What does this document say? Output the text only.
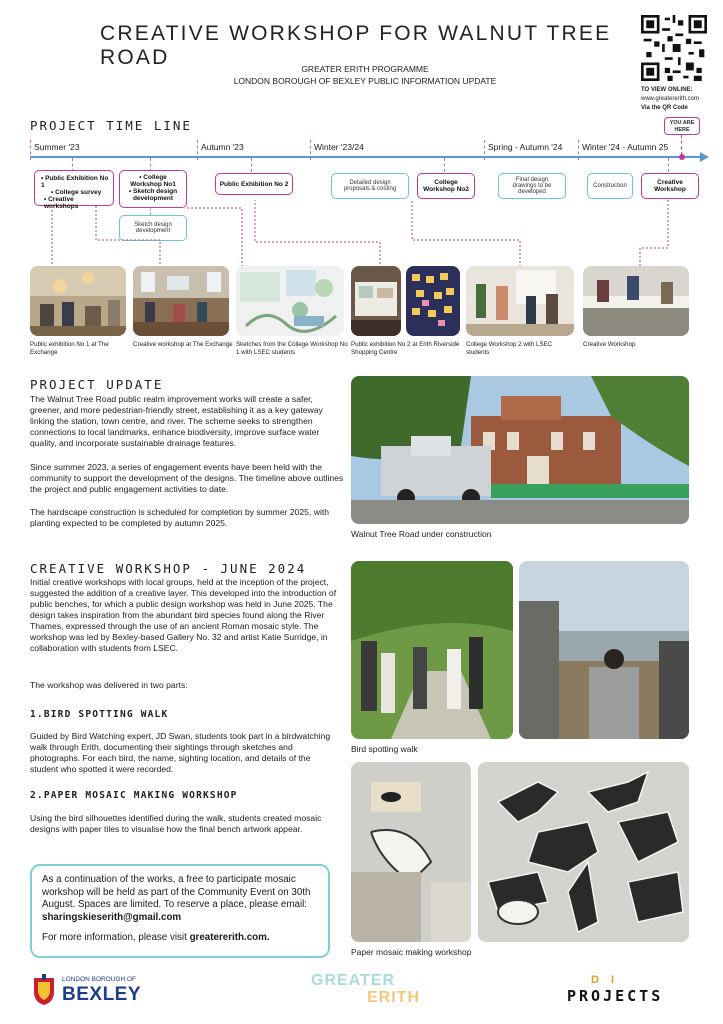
CREATIVE WORKSHOP FOR WALNUT TREE ROAD	GREATER ERITH PROGRAMME
LONDON BOROUGH OF BEXLEY PUBLIC INFORMATION UPDATE
TO VIEW ONLINE:
www.greatererith.com
Via the QR Code
PROJECT TIME LINE
Summer '23	Autumn '23	Winter '23/24	Spring - Autumn '24 Winter '24 - Autumn 25
YOU ARE HERE
• Public Exhibition No 1
• College survey
• Creative workshops
• College Workshop No1
• Sketch design development
Sketch design development
Public Exhibition No 2	Detailed design proposals & costing
College Workshop No2
Final design drawings to be developed
Construction	Creative Workshop
Public exhibition No 1 at The Exchange
Creative workshop at The Exchange Sketches from the College Workshop No 1 with LSEC students
Public exhibition No 2 at Erith Riverside Shopping Centre
College Workshop 2 with LSEC students
Creative Workshop
PROJECT UPDATE
The Walnut Tree Road public realm improvement works will create a safer, greener, and more pedestrian-friendly street, establishing it as a key gateway linking the station, town centre, and river. The scheme seeks to strengthen connections to local landmarks, enhance biodiversity, improve surface water quality, and incorporate sustainable drainage features.
Since summer 2023, a series of engagement events have been held with the community to support the development of the designs. The timeline above outlines the project and public engagement activities to date.
The hardscape construction is scheduled for completion by summer 2025, with planting expected to be completed by autumn 2025.
Walnut Tree Road under construction
CREATIVE WORKSHOP - JUNE 2024
Initial creative workshops with local groups, held at the inception of the project, suggested the addition of a creative layer. This developed into the introduction of public benches, for which a public design workshop was held in June 2025. The design takes inspiration from the abundant bird species found along the River Thames, expressed through the use of an ancient Roman mosaic style. The workshop was led by Bexley-based Gallery No. 32 and artist Katie Surridge, in collaboration with students from LSEC.
The workshop was delivered in two parts:
1.BIRD SPOTTING WALK
Guided by Bird Watching expert, JD Swan, students took part in a birdwatching walk through Erith, documenting their sightings through sketches and photographs. For each bird, the name, sighting location, and details of the student who spotted it were recorded.
2.PAPER MOSAIC MAKING WORKSHOP
Using the bird silhouettes identified during the walk, students created mosaic designs with paper tiles to visualise how the final bench artwork appear.
Bird spotting walk
Paper mosaic making workshop
As a continuation of the works, a free to participate mosaic workshop will be held as part of the Community Event on 30th August. Spaces are limited. To reserve a place, please email: sharingskieserith@gmail.com
For more information, please visit greatererith.com.
LONDON BOROUGH OF
BEXLEY
GREATER
ERITH
D  I
PROJECTS
